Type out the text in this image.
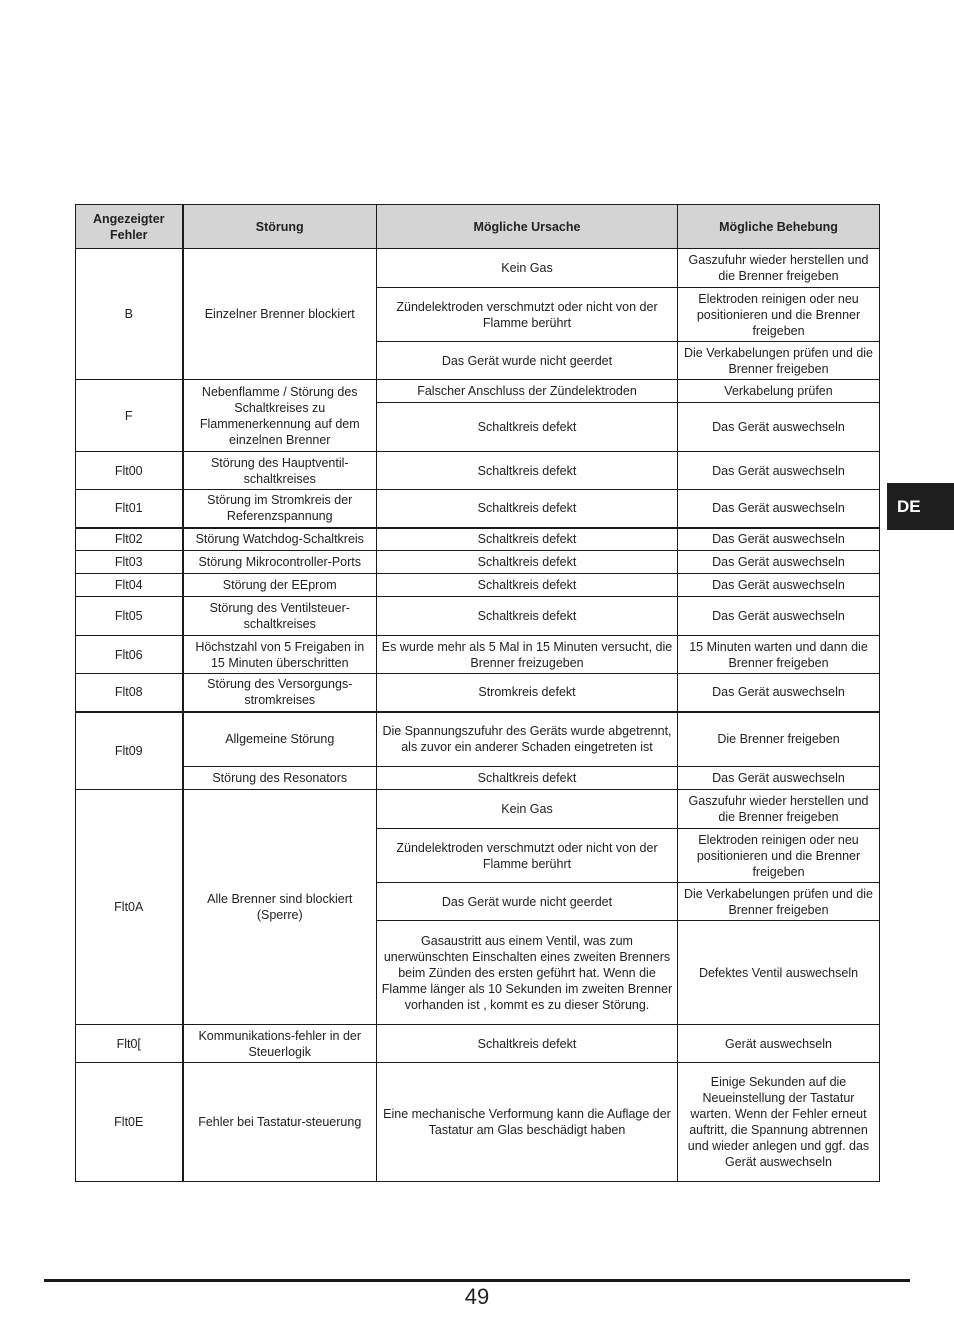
Angezeigter Fehler	Störung	Mögliche Ursache	Mögliche Behebung
B	Einzelner Brenner blockiert	Kein Gas	Gaszufuhr wieder herstellen und die Brenner freigeben
		Zündelektroden verschmutzt oder nicht von der Flamme berührt	Elektroden reinigen oder neu positionieren und die Brenner freigeben
		Das Gerät wurde nicht geerdet	Die Verkabelungen prüfen und die Brenner freigeben
F	Nebenflamme / Störung des Schaltkreises zu Flammenerkennung auf dem einzelnen Brenner	Falscher Anschluss der Zündelektroden	Verkabelung prüfen
		Schaltkreis defekt	Das Gerät auswechseln
Flt00	Störung des Hauptventil-schaltkreises	Schaltkreis defekt	Das Gerät auswechseln
Flt01	Störung im Stromkreis der Referenzspannung	Schaltkreis defekt	Das Gerät auswechseln
Flt02	Störung Watchdog-Schaltkreis	Schaltkreis defekt	Das Gerät auswechseln
Flt03	Störung Mikrocontroller-Ports	Schaltkreis defekt	Das Gerät auswechseln
Flt04	Störung der EEprom	Schaltkreis defekt	Das Gerät auswechseln
Flt05	Störung des Ventilsteuer-schaltkreises	Schaltkreis defekt	Das Gerät auswechseln
Flt06	Höchstzahl von 5 Freigaben in 15 Minuten überschritten	Es wurde mehr als 5 Mal in 15 Minuten versucht, die Brenner freizugeben	15 Minuten warten und dann die Brenner freigeben
Flt08	Störung des Versorgungs-stromkreises	Stromkreis defekt	Das Gerät auswechseln
Flt09	Allgemeine Störung	Die Spannungszufuhr des Geräts wurde abgetrennt, als zuvor ein anderer Schaden eingetreten ist	Die Brenner freigeben
	Störung des Resonators	Schaltkreis defekt	Das Gerät auswechseln
Flt0A	Alle Brenner sind blockiert (Sperre)	Kein Gas	Gaszufuhr wieder herstellen und die Brenner freigeben
		Zündelektroden verschmutzt oder nicht von der Flamme berührt	Elektroden reinigen oder neu positionieren und die Brenner freigeben
		Das Gerät wurde nicht geerdet	Die Verkabelungen prüfen und die Brenner freigeben
		Gasaustritt aus einem Ventil, was zum unerwünschten Einschalten eines zweiten Brenners beim Zünden des ersten geführt hat. Wenn die Flamme länger als 10 Sekunden im zweiten Brenner vorhanden ist , kommt es zu dieser Störung.	Defektes Ventil auswechseln
Flt0[	Kommunikations-fehler in der Steuerlogik	Schaltkreis defekt	Gerät auswechseln
Flt0E	Fehler bei Tastatur-steuerung	Eine mechanische Verformung kann die Auflage der Tastatur am Glas beschädigt haben	Einige Sekunden auf die Neueinstellung der Tastatur warten. Wenn der Fehler erneut auftritt, die Spannung abtrennen und wieder anlegen und ggf. das Gerät auswechseln
DE
49
